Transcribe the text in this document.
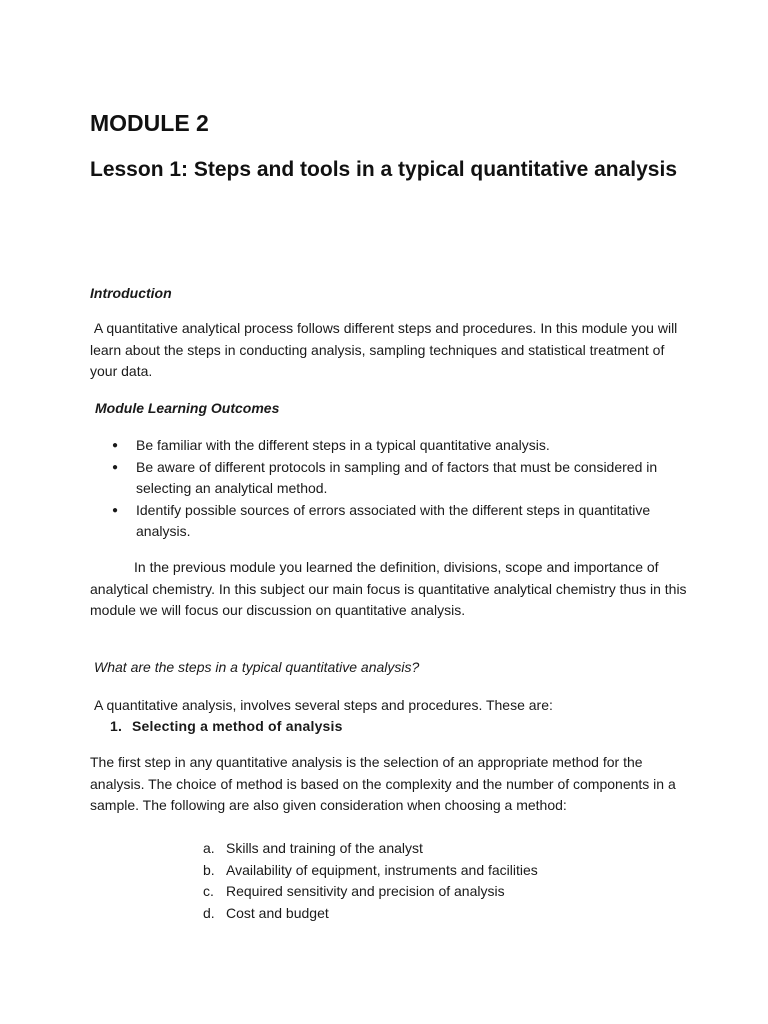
MODULE 2
Lesson 1: Steps and tools in a typical quantitative analysis

Introduction

A quantitative analytical process follows different steps and procedures. In this module you will learn about the steps in conducting analysis, sampling techniques and statistical treatment of your data.

Module Learning Outcomes

● Be familiar with the different steps in a typical quantitative analysis.
● Be aware of different protocols in sampling and of factors that must be considered in selecting an analytical method.
● Identify possible sources of errors associated with the different steps in quantitative analysis.

In the previous module you learned the definition, divisions, scope and importance of analytical chemistry. In this subject our main focus is quantitative analytical chemistry thus in this module we will focus our discussion on quantitative analysis.

What are the steps in a typical quantitative analysis?

A quantitative analysis, involves several steps and procedures. These are:

1. Selecting a method of analysis

The first step in any quantitative analysis is the selection of an appropriate method for the analysis. The choice of method is based on the complexity and the number of components in a sample. The following are also given consideration when choosing a method:

a. Skills and training of the analyst
b. Availability of equipment, instruments and facilities
c. Required sensitivity and precision of analysis
d. Cost and budget
